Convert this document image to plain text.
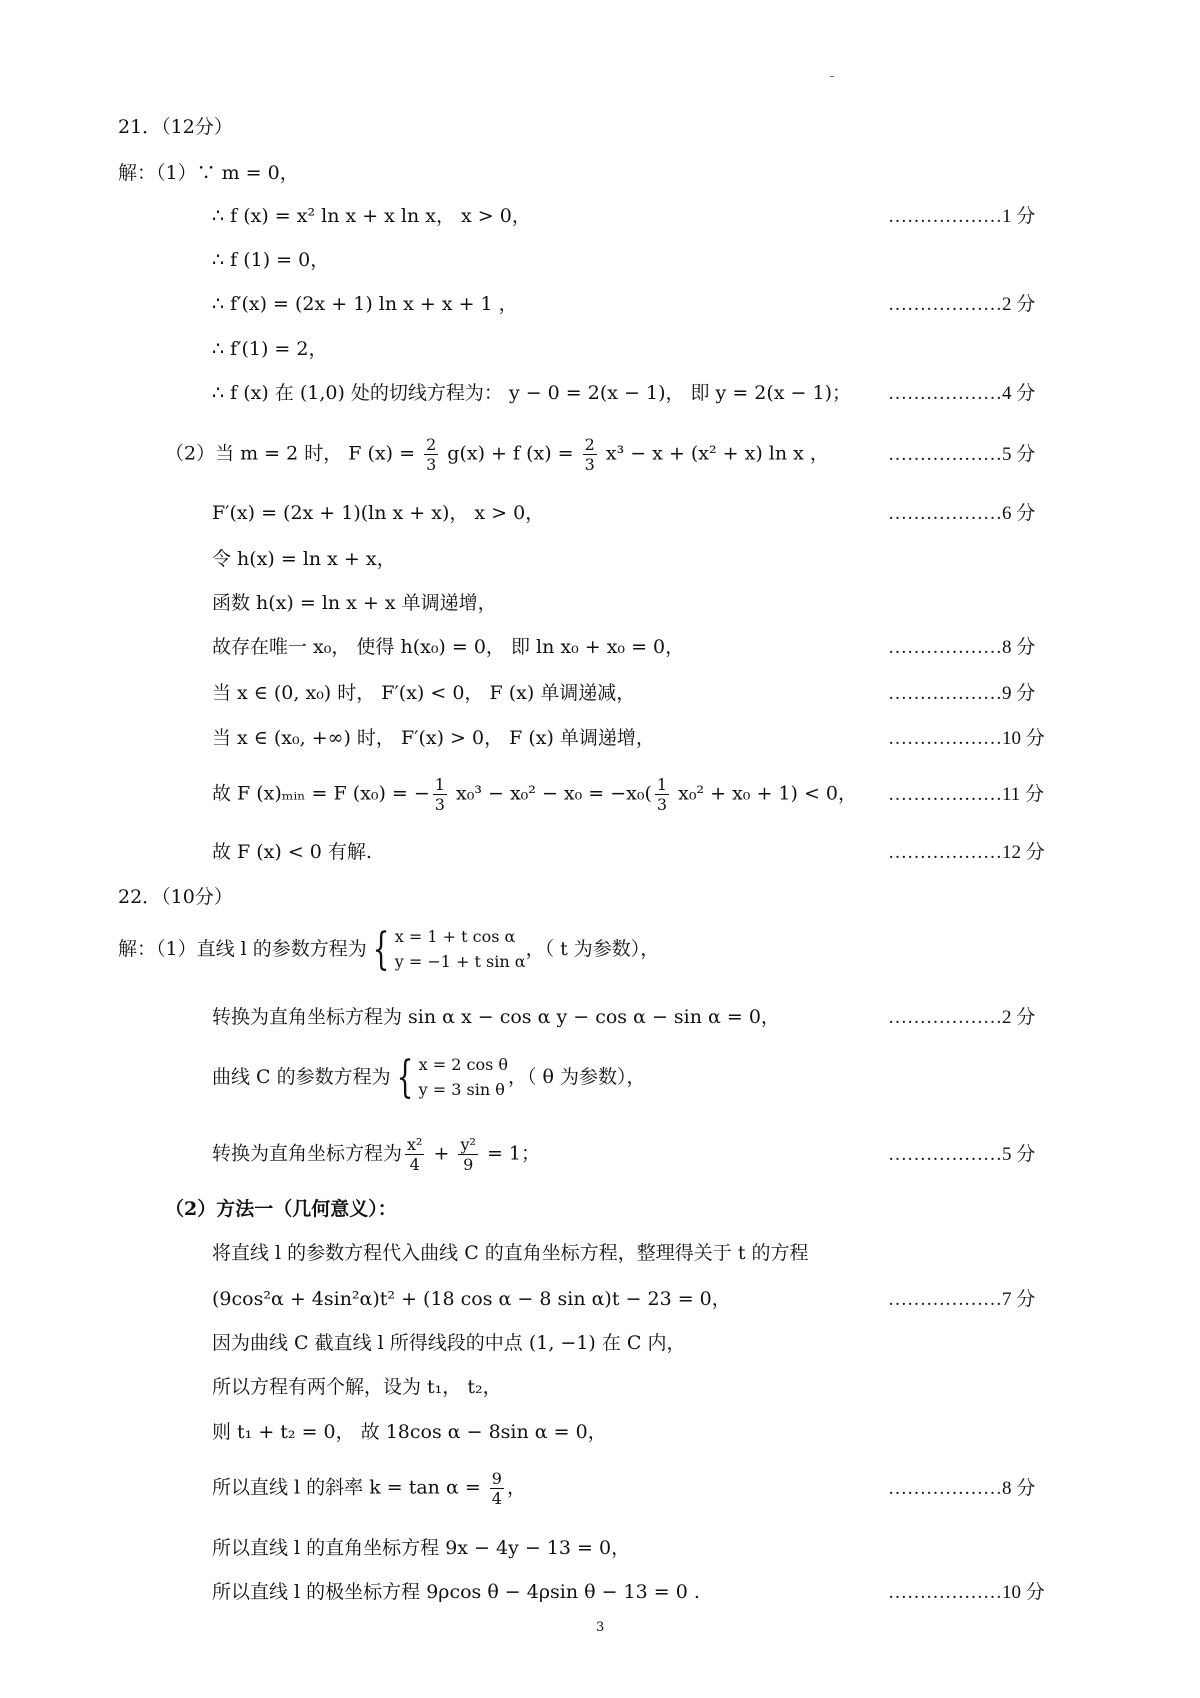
21．（12分）
解：（1）∵ m = 0，
∴ f (x) = x² ln x + x ln x， x > 0，	………………1 分
∴ f (1) = 0，
∴ f′(x) = (2x + 1) ln x + x + 1 ，	………………2 分
∴ f′(1) = 2，
∴ f (x) 在 (1,0) 处的切线方程为： y − 0 = 2(x − 1)， 即 y = 2(x − 1)； ………………4 分
F′(x) = (2x + 1)(ln x + x)， x > 0，	………………6 分
令 h(x) = ln x + x，
函数 h(x) = ln x + x 单调递增，
故存在唯一 x₀， 使得 h(x₀) = 0， 即 ln x₀ + x₀ = 0，	………………8 分
当 x ∈ (0, x₀) 时， F′(x) < 0， F (x) 单调递减，	………………9 分
当 x ∈ (x₀, +∞) 时， F′(x) > 0， F (x) 单调递增，	………………10 分
故 F (x) < 0 有解.	………………12 分
22．（10分）
转换为直角坐标方程为 sin α x − cos α y − cos α − sin α = 0，	………………2 分
（2）方法一（几何意义）：
将直线 l 的参数方程代入曲线 C 的直角坐标方程，整理得关于 t 的方程
(9cos²α + 4sin²α)t² + (18 cos α − 8 sin α)t − 23 = 0，	………………7 分
因为曲线 C 截直线 l 所得线段的中点 (1, −1) 在 C 内，
所以方程有两个解，设为 t₁， t₂，
则 t₁ + t₂ = 0， 故 18cos α − 8sin α = 0，
所以直线 l 的直角坐标方程 9x − 4y − 13 = 0，
所以直线 l 的极坐标方程 9ρcos θ − 4ρsin θ − 13 = 0 .	………………10 分
（2）当 m = 2 时， F $(x) = \frac{2}{3} g(x) + f$ $(x) = \frac{2}{3} x^3 - x + (x^2 + x)$ ln x ，	………………5 分
故 F (x)ₘᵢₙ = F (x₀) = − $\frac{1}{3} x_0^3 - x_0^2 - x_0 = -x_0( \frac{1}{3} x_0^2 + x_0 + 1) < 0$， ………………11 分
解：（1）直线 l 的参数方程为 { x = 1 + t cos α
y = −1 + t sin α
，（ t 为参数），
曲线 C 的参数方程为 { x = 2 cos θ
y = 3 sin θ
，（ θ 为参数），
转换为直角坐标方程为 $\frac{\text{x²}}{4} + \frac{\text{y²}}{9} = 1$；	………………5 分
所以直线 l 的斜率 $k = \tan \alpha = \frac{9}{4}$ ，	………………8 分
3
